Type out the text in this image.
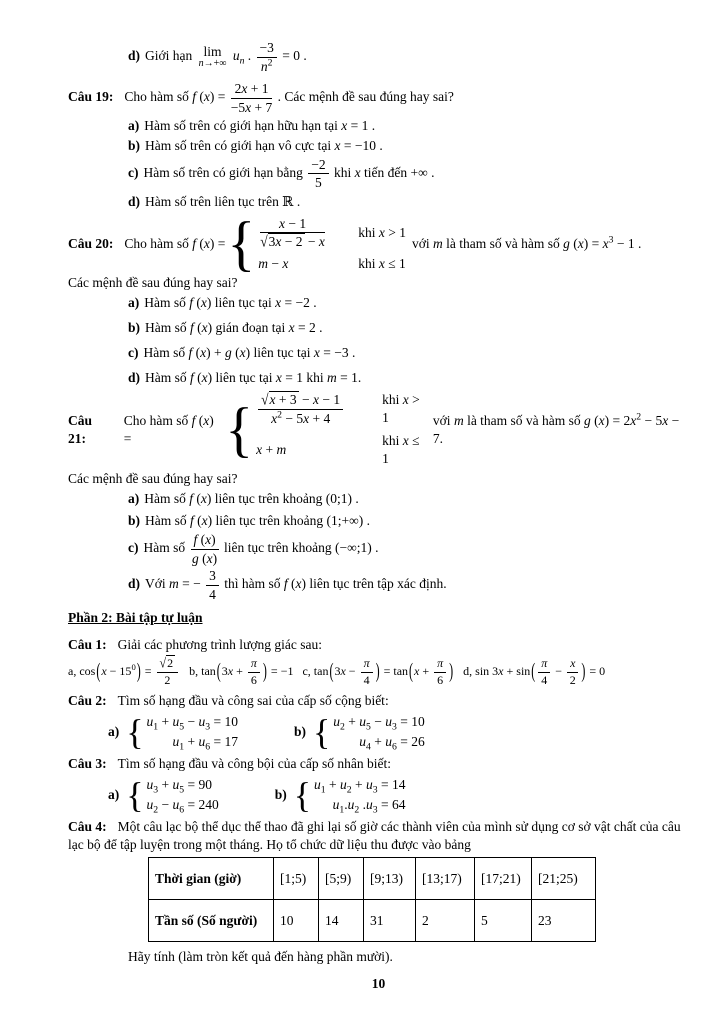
d) Giới hạn lim
n→+∞
$u_n$ . $\frac{-3}{n^2} = 0$ .

Câu 19: Cho hàm số f $(x) = \frac{2x + 1}{-5x + 7}$ . Các mệnh đề sau đúng hay sai?

a) Hàm số trên có giới hạn hữu hạn tại x = 1 .

b) Hàm số trên có giới hạn vô cực tại x = −10 .

c) Hàm số trên có giới hạn bằng $\frac{-2}{5}$ khi x tiến đến +∞ .

d) Hàm số trên liên tục trên ℝ .

Câu 20: Cho hàm số f (x) = { $\frac{x - 1}{√3x - 2 - x}$ khi x > 1
m − x	khi x ≤ 1
với m là tham số và hàm số g $(x) = x^3 - 1$ .

Các mệnh đề sau đúng hay sai?

a) Hàm số f (x) liên tục tại x = −2 .

b) Hàm số f (x) gián đoạn tại x = 2 .

c) Hàm số f (x) + g (x) liên tục tại x = −3 .

d) Hàm số f (x) liên tục tại x = 1 khi m = 1.

Câu 21:
Cho hàm số f (x) =	{ $\frac{√x + 3 - x - 1}{x^2 - 5x + 4}$	khi x > 1
x + m
khi x ≤ 1
với m là tham số và hàm số g $(x) = 2x^2 - 5x - 7$.

Các mệnh đề sau đúng hay sai?

a) Hàm số f (x) liên tục trên khoảng (0;1) .

b) Hàm số f (x) liên tục trên khoảng (1;+∞) .

c) Hàm số $\frac{f (x)}{g (x)}$ liên tục trên khoảng (−∞;1) .

d) Với m = − $\frac{3}{4}$ thì hàm số f (x) liên tục trên tập xác định.

Phần 2: Bài tập tự luận

Câu 1: Giải các phương trình lượng giác sau:

a, $\cos(x - 15^0) = \frac{√2}{2} b$, $\tan(3x + \frac{\pi}{6}$ ) = −1 c, $\tan(3x - \frac{\pi}{4}$ ) = $\tan(x + \frac{\pi}{6}$ ) d, $\sin 3x + \sin( \frac{\pi}{4} - \frac{x}{2}$ ) = 0

Câu 2: Tìm số hạng đầu và công sai của cấp số cộng biết:

a) { $u_1 + u_5 - u_3 = 10$
$u_1 + u_6 = 17$
b) { $u_2 + u_5 - u_3 = 10$
$u_4 + u_6 = 26$

Câu 3: Tìm số hạng đầu và công bội của cấp số nhân biết:

a) { $u_3 + u_5 = 90$
$u_2 - u_6 = 240$
b) { $u_1 + u_2 + u_3 = 14$
$u_1.u_2$ $.u_3 = 64$

Câu 4: Một câu lạc bộ thể dục thể thao đã ghi lại số giờ các thành viên của mình sử dụng cơ sở vật chất của câu lạc bộ để tập luyện trong một tháng. Họ tổ chức dữ liệu thu được vào bảng

Thời gian (giờ)	[1;5)	[5;9)	[9;13)	[13;17)	[17;21)	[21;25)
Tần số (Số người)	10	14	31	2	5	23

Hãy tính (làm tròn kết quả đến hàng phần mười).

10
